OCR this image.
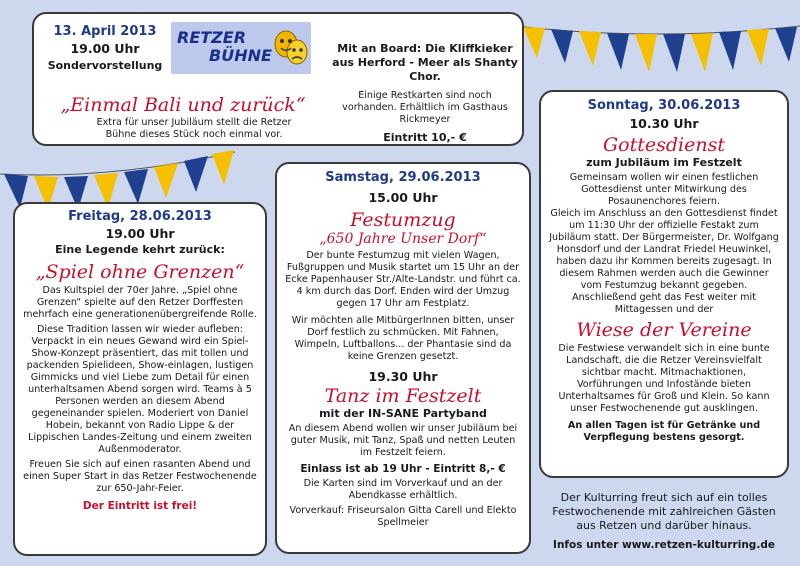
13. April 2013

19.00 Uhr

Sondervorstellung

RETZER
BÜHNE

„Einmal Bali und zurück“

Extra für unser Jubiläum stellt die Retzer Bühne dieses Stück noch einmal vor.

Mit an Board: Die Kliffkieker aus Herford - Meer als Shanty Chor.

Einige Restkarten sind noch vorhanden. Erhältlich im Gasthaus Rickmeyer

Eintritt 10,- €

Freitag, 28.06.2013

19.00 Uhr

Eine Legende kehrt zurück:

„Spiel ohne Grenzen“

Das Kultspiel der 70er Jahre. „Spiel ohne Grenzen“ spielte auf den Retzer Dorffesten mehrfach eine generationenübergreifende Rolle.

Diese Tradition lassen wir wieder aufleben: Verpackt in ein neues Gewand wird ein Spiel-Show-Konzept präsentiert, das mit tollen und packenden Spielideen, Show-einlagen, lustigen Gimmicks und viel Liebe zum Detail für einen unterhaltsamen Abend sorgen wird. Teams à 5 Personen werden an diesem Abend gegeneinander spielen. Moderiert von Daniel Hobein, bekannt von Radio Lippe & der Lippischen Landes-Zeitung und einem zweiten Außenmoderator.

Freuen Sie sich auf einen rasanten Abend und einen Super Start in das Retzer Festwochenende zur 650-Jahr-Feier.

Der Eintritt ist frei!

Samstag, 29.06.2013

15.00 Uhr

Festumzug

„650 Jahre Unser Dorf“

Der bunte Festumzug mit vielen Wagen, Fußgruppen und Musik startet um 15 Uhr an der Ecke Papenhauser Str./Alte-Landstr. und führt ca. 4 km durch das Dorf. Enden wird der Umzug gegen 17 Uhr am Festplatz.

Wir möchten alle MitbürgerInnen bitten, unser Dorf festlich zu schmücken. Mit Fahnen, Wimpeln, Luftballons... der Phantasie sind da keine Grenzen gesetzt.

19.30 Uhr

Tanz im Festzelt

mit der IN-SANE Partyband

An diesem Abend wollen wir unser Jubiläum bei guter Musik, mit Tanz, Spaß und netten Leuten im Festzelt feiern.

Einlass ist ab 19 Uhr - Eintritt 8,- €

Die Karten sind im Vorverkauf und an der Abendkasse erhältlich.

Vorverkauf: Friseursalon Gitta Carell und Elekto Spellmeier

Sonntag, 30.06.2013

10.30 Uhr

Gottesdienst

zum Jubiläum im Festzelt

Gemeinsam wollen wir einen festlichen Gottesdienst unter Mitwirkung des Posaunenchores feiern.

Gleich im Anschluss an den Gottesdienst findet um 11:30 Uhr der offizielle Festakt zum Jubiläum statt. Der Bürgermeister, Dr. Wolfgang Honsdorf und der Landrat Friedel Heuwinkel, haben dazu ihr Kommen bereits zugesagt. In diesem Rahmen werden auch die Gewinner vom Festumzug bekannt gegeben. Anschließend geht das Fest weiter mit Mittagessen und der

Wiese der Vereine

Die Festwiese verwandelt sich in eine bunte Landschaft, die die Retzer Vereinsvielfalt sichtbar macht. Mitmachaktionen, Vorführungen und Infostände bieten Unterhaltsames für Groß und Klein. So kann unser Festwochenende gut ausklingen.

An allen Tagen ist für Getränke und Verpflegung bestens gesorgt.

Der Kulturring freut sich auf ein tolles Festwochenende mit zahlreichen Gästen aus Retzen und darüber hinaus.

Infos unter www.retzen-kulturring.de
